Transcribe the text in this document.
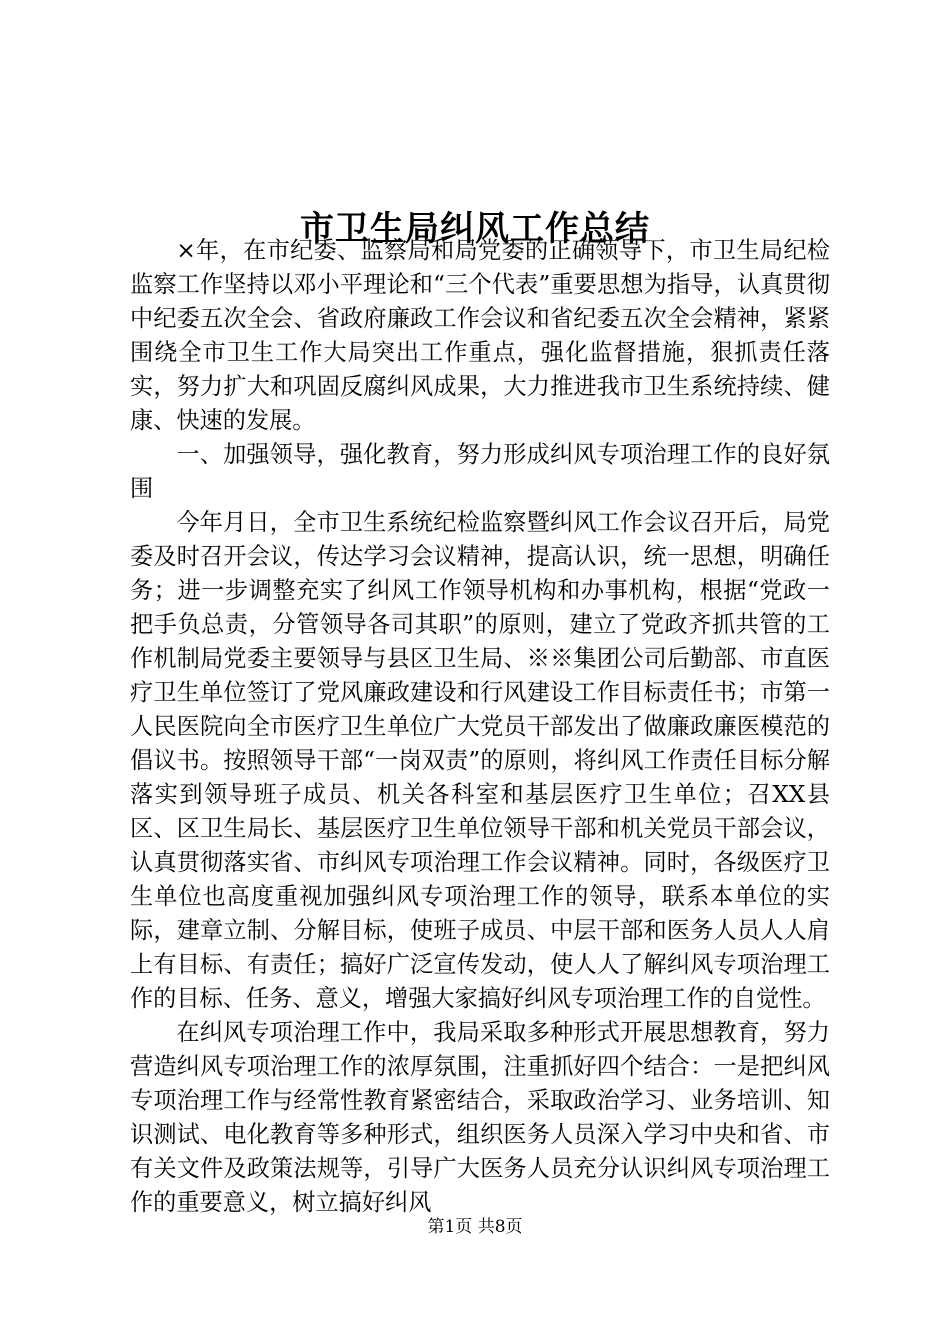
市卫生局纠风工作总结

×年，在市纪委、监察局和局党委的正确领导下，市卫生局纪检监察工作坚持以邓小平理论和“三个代表”重要思想为指导，认真贯彻中纪委五次全会、省政府廉政工作会议和省纪委五次全会精神，紧紧围绕全市卫生工作大局突出工作重点，强化监督措施，狠抓责任落实，努力扩大和巩固反腐纠风成果，大力推进我市卫生系统持续、健康、快速的发展。

一、加强领导，强化教育，努力形成纠风专项治理工作的良好氛围

今年月日，全市卫生系统纪检监察暨纠风工作会议召开后，局党委及时召开会议，传达学习会议精神，提高认识，统一思想，明确任务；进一步调整充实了纠风工作领导机构和办事机构，根据“党政一把手负总责，分管领导各司其职”的原则，建立了党政齐抓共管的工作机制局党委主要领导与县区卫生局、※※集团公司后勤部、市直医疗卫生单位签订了党风廉政建设和行风建设工作目标责任书；市第一人民医院向全市医疗卫生单位广大党员干部发出了做廉政廉医模范的倡议书。按照领导干部“一岗双责”的原则，将纠风工作责任目标分解落实到领导班子成员、机关各科室和基层医疗卫生单位；召XX县区、区卫生局长、基层医疗卫生单位领导干部和机关党员干部会议，认真贯彻落实省、市纠风专项治理工作会议精神。同时，各级医疗卫生单位也高度重视加强纠风专项治理工作的领导，联系本单位的实际，建章立制、分解目标，使班子成员、中层干部和医务人员人人肩上有目标、有责任；搞好广泛宣传发动，使人人了解纠风专项治理工作的目标、任务、意义，增强大家搞好纠风专项治理工作的自觉性。

在纠风专项治理工作中，我局采取多种形式开展思想教育，努力营造纠风专项治理工作的浓厚氛围，注重抓好四个结合：一是把纠风专项治理工作与经常性教育紧密结合，采取政治学习、业务培训、知识测试、电化教育等多种形式，组织医务人员深入学习中央和省、市有关文件及政策法规等，引导广大医务人员充分认识纠风专项治理工作的重要意义，树立搞好纠风

第1页 共8页
